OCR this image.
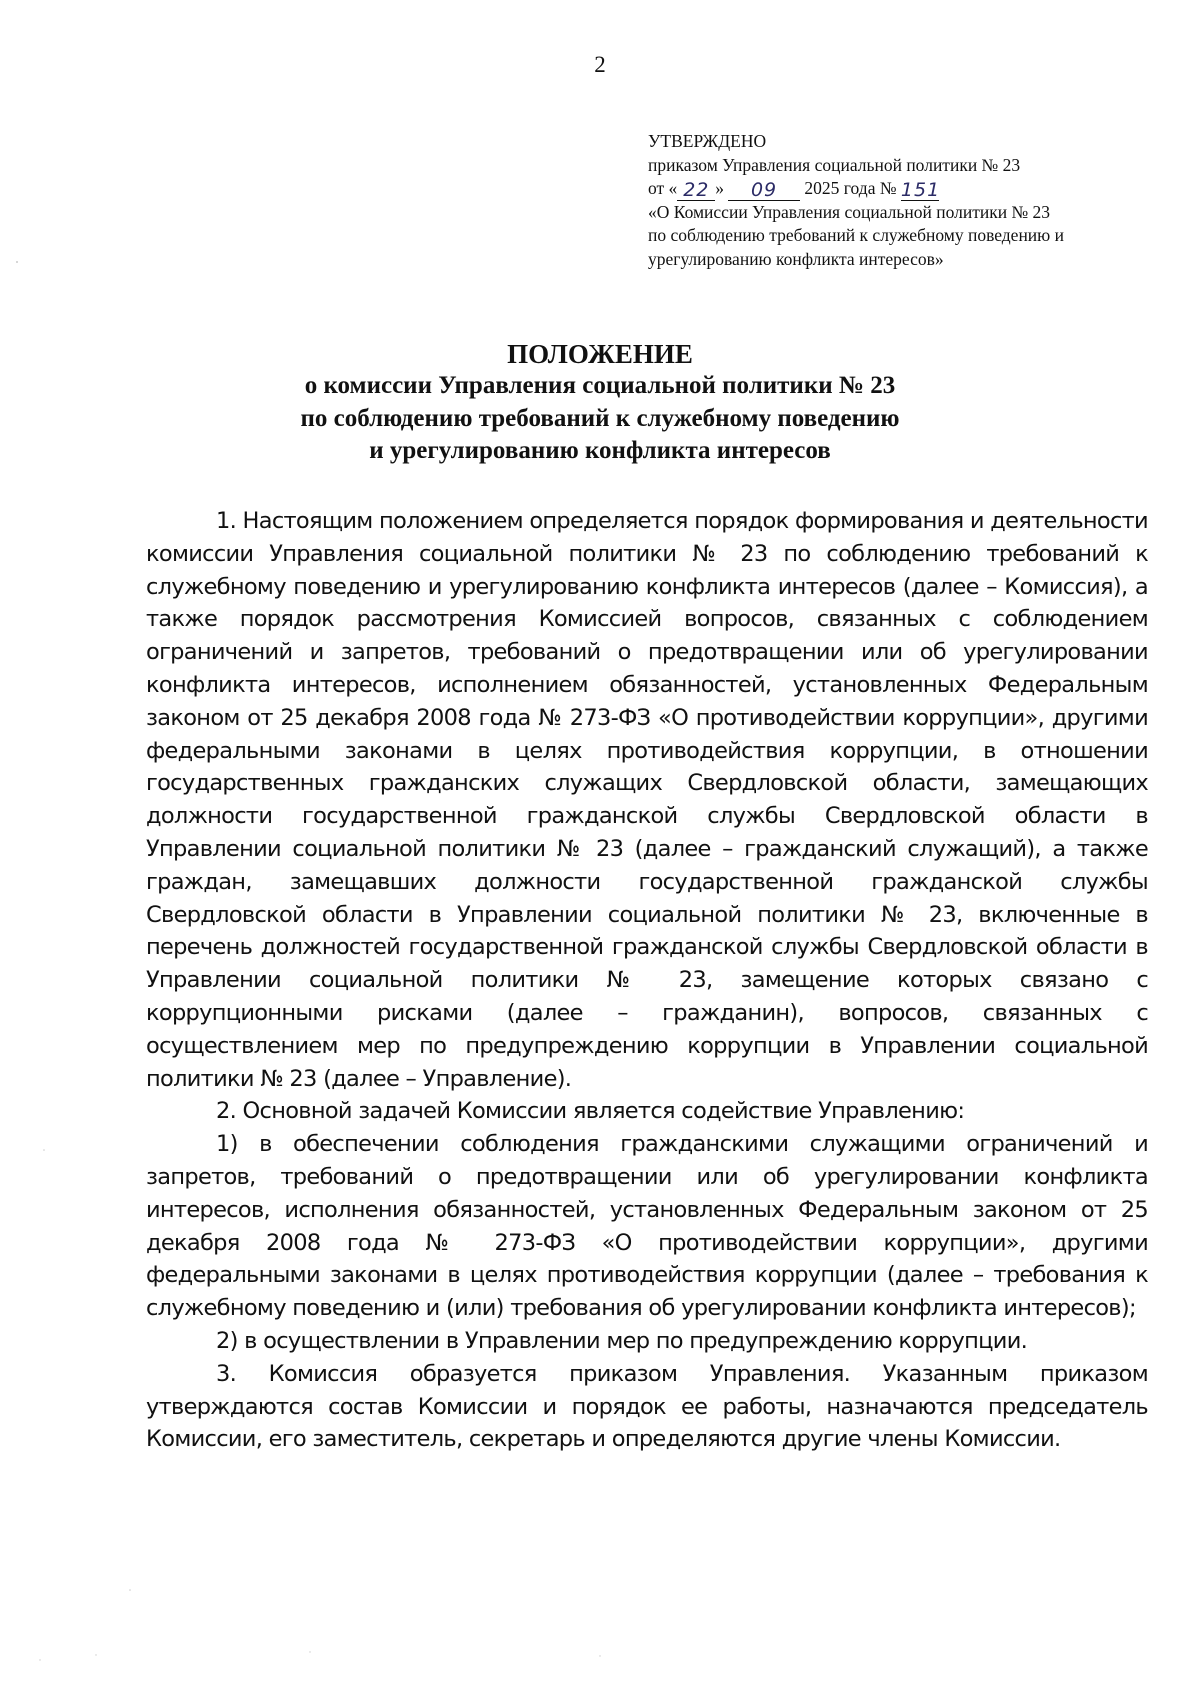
2
УТВЕРЖДЕНО
приказом Управления социальной политики № 23
от « 22 » 09 2025 года № 151
«О Комиссии Управления социальной политики № 23
по соблюдению требований к служебному поведению и
урегулированию конфликта интересов»
ПОЛОЖЕНИЕ
о комиссии Управления социальной политики № 23
по соблюдению требований к служебному поведению
и урегулированию конфликта интересов

1. Настоящим положением определяется порядок формирования и деятельности комиссии Управления социальной политики № 23 по соблюдению требований к служебному поведению и урегулированию конфликта интересов (далее – Комиссия), а также порядок рассмотрения Комиссией вопросов, связанных с соблюдением ограничений и запретов, требований о предотвращении или об урегулировании конфликта интересов, исполнением обязанностей, установленных Федеральным законом от 25 декабря 2008 года № 273-ФЗ «О противодействии коррупции», другими федеральными законами в целях противодействия коррупции, в отношении государственных гражданских служащих Свердловской области, замещающих должности государственной гражданской службы Свердловской области в Управлении социальной политики № 23 (далее – гражданский служащий), а также граждан, замещавших должности государственной гражданской службы Свердловской области в Управлении социальной политики № 23, включенные в перечень должностей государственной гражданской службы Свердловской области в Управлении социальной политики № 23, замещение которых связано с коррупционными рисками (далее – гражданин), вопросов, связанных с осуществлением мер по предупреждению коррупции в Управлении социальной политики № 23 (далее – Управление).

2. Основной задачей Комиссии является содействие Управлению:

1) в обеспечении соблюдения гражданскими служащими ограничений и запретов, требований о предотвращении или об урегулировании конфликта интересов, исполнения обязанностей, установленных Федеральным законом от 25 декабря 2008 года № 273-ФЗ «О противодействии коррупции», другими федеральными законами в целях противодействия коррупции (далее – требования к служебному поведению и (или) требования об урегулировании конфликта интересов);

2) в осуществлении в Управлении мер по предупреждению коррупции.

3. Комиссия образуется приказом Управления. Указанным приказом утверждаются состав Комиссии и порядок ее работы, назначаются председатель Комиссии, его заместитель, секретарь и определяются другие члены Комиссии.
